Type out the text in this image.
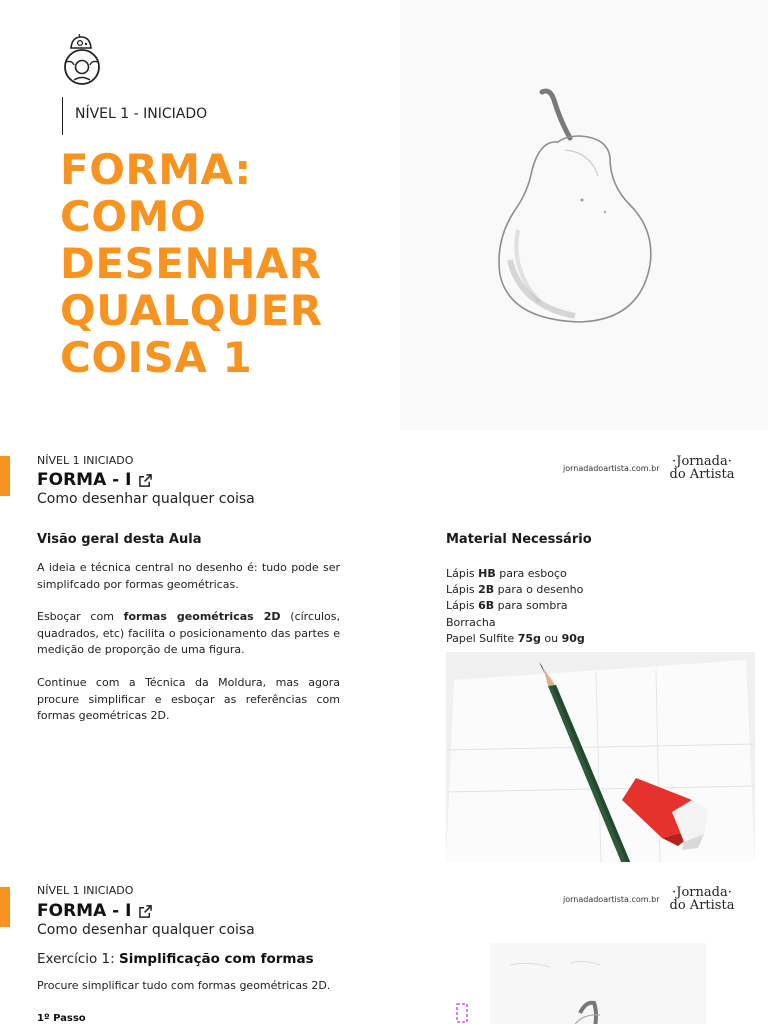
NÍVEL 1 - INICIADO
FORMA:
COMO
DESENHAR
QUALQUER
COISA 1
NÍVEL 1 INICIADO
FORMA - I
Como desenhar qualquer coisa
jornadadoartista.com.br ·Jornada·
do Artista
Visão geral desta Aula
A ideia e técnica central no desenho é: tudo pode ser simplifcado por formas geométricas.
Esboçar com formas geométricas 2D (círculos, quadrados, etc) facilita o posicionamento das partes e medição de proporção de uma figura.
Continue com a Técnica da Moldura, mas agora procure simplificar e esboçar as referências com formas geométricas 2D.
Material Necessário
Lápis HB para esboço
Lápis 2B para o desenho
Lápis 6B para sombra
Borracha
Papel Sulfite 75g ou 90g
NÍVEL 1 INICIADO
FORMA - I
Como desenhar qualquer coisa
jornadadoartista.com.br ·Jornada·
do Artista
Exercício 1: Simplificação com formas
Procure simplificar tudo com formas geométricas 2D.
1º Passo
